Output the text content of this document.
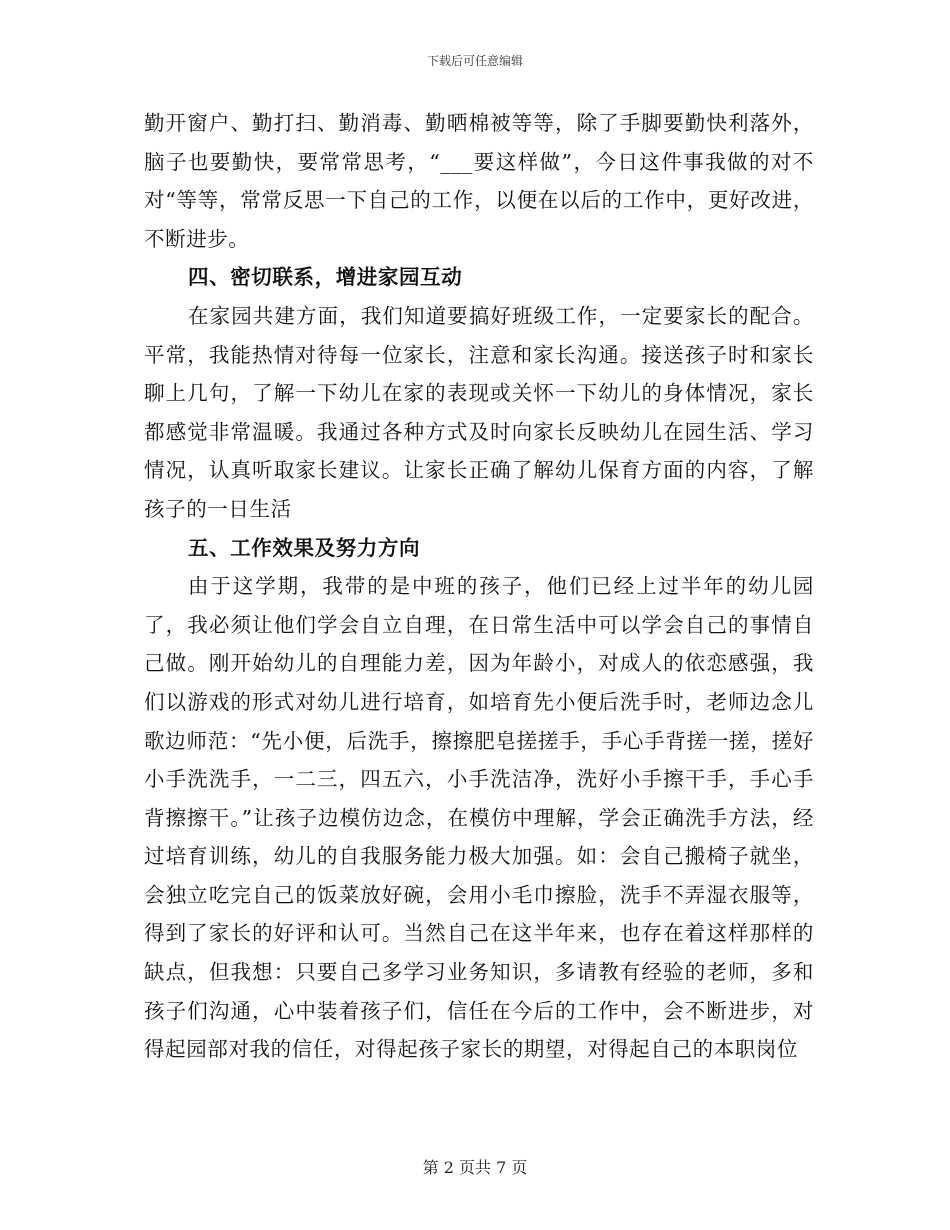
下载后可任意编辑

勤开窗户、勤打扫、勤消毒、勤晒棉被等等，除了手脚要勤快利落外，脑子也要勤快，要常常思考，“___要这样做”，今日这件事我做的对不对“等等，常常反思一下自己的工作，以便在以后的工作中，更好改进，不断进步。

四、密切联系，增进家园互动

在家园共建方面，我们知道要搞好班级工作，一定要家长的配合。平常，我能热情对待每一位家长，注意和家长沟通。接送孩子时和家长聊上几句，了解一下幼儿在家的表现或关怀一下幼儿的身体情况，家长都感觉非常温暖。我通过各种方式及时向家长反映幼儿在园生活、学习情况，认真听取家长建议。让家长正确了解幼儿保育方面的内容，了解孩子的一日生活

五、工作效果及努力方向

由于这学期，我带的是中班的孩子，他们已经上过半年的幼儿园了，我必须让他们学会自立自理，在日常生活中可以学会自己的事情自己做。刚开始幼儿的自理能力差，因为年龄小，对成人的依恋感强，我们以游戏的形式对幼儿进行培育，如培育先小便后洗手时，老师边念儿歌边师范：“先小便，后洗手，擦擦肥皂搓搓手，手心手背搓一搓，搓好小手洗洗手，一二三，四五六，小手洗洁净，洗好小手擦干手，手心手背擦擦干。”让孩子边模仿边念，在模仿中理解，学会正确洗手方法，经过培育训练，幼儿的自我服务能力极大加强。如：会自己搬椅子就坐，会独立吃完自己的饭菜放好碗，会用小毛巾擦脸，洗手不弄湿衣服等，得到了家长的好评和认可。当然自己在这半年来，也存在着这样那样的缺点，但我想：只要自己多学习业务知识，多请教有经验的老师，多和孩子们沟通，心中装着孩子们，信任在今后的工作中，会不断进步，对得起园部对我的信任，对得起孩子家长的期望，对得起自己的本职岗位

第 2 页共 7 页
